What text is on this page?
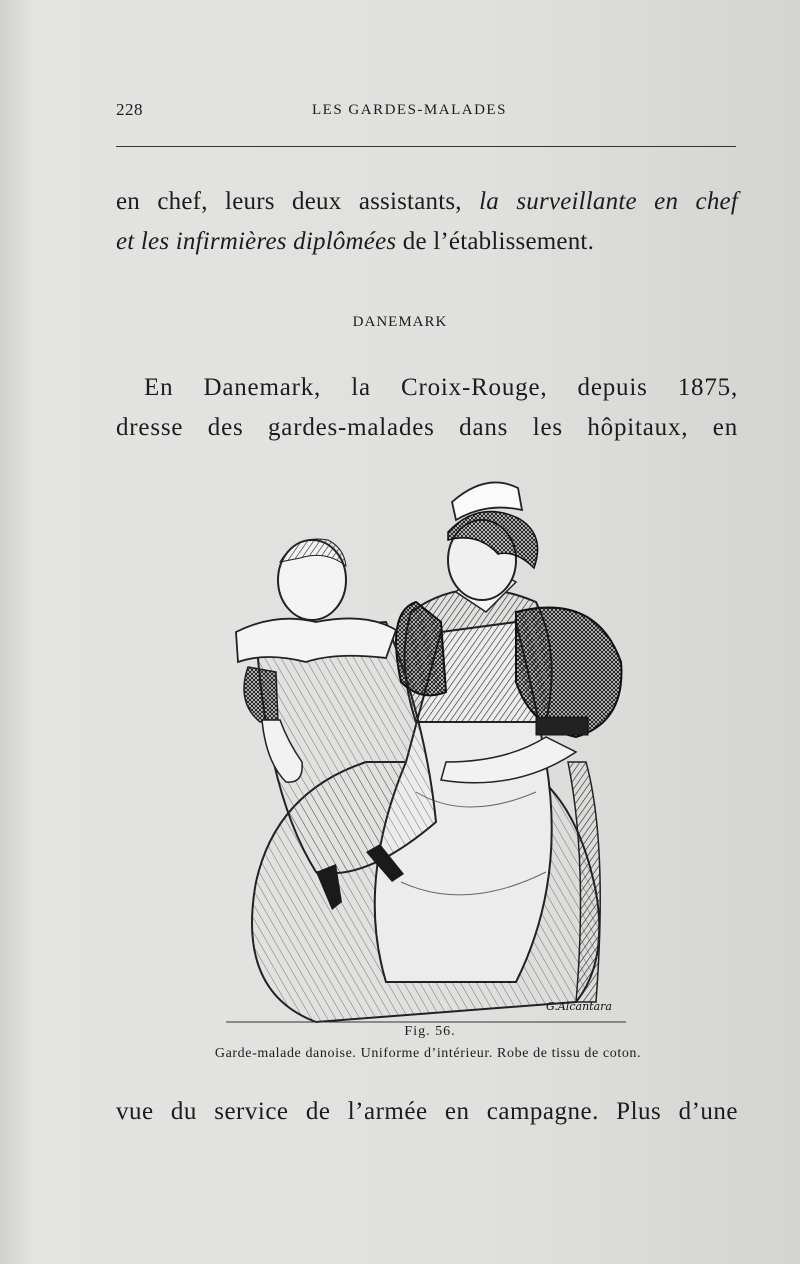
228	LES GARDES-MALADES
en chef, leurs deux assistants, la surveillante en chef
et les infirmières diplômées de l’établissement.
DANEMARK
En Danemark, la Croix-Rouge, depuis 1875,
dresse des gardes-malades dans les hôpitaux, en
G.Alcantara
Fig. 56.
Garde-malade danoise. Uniforme d’intérieur. Robe de tissu de coton.
vue du service de l’armée en campagne. Plus d’une
